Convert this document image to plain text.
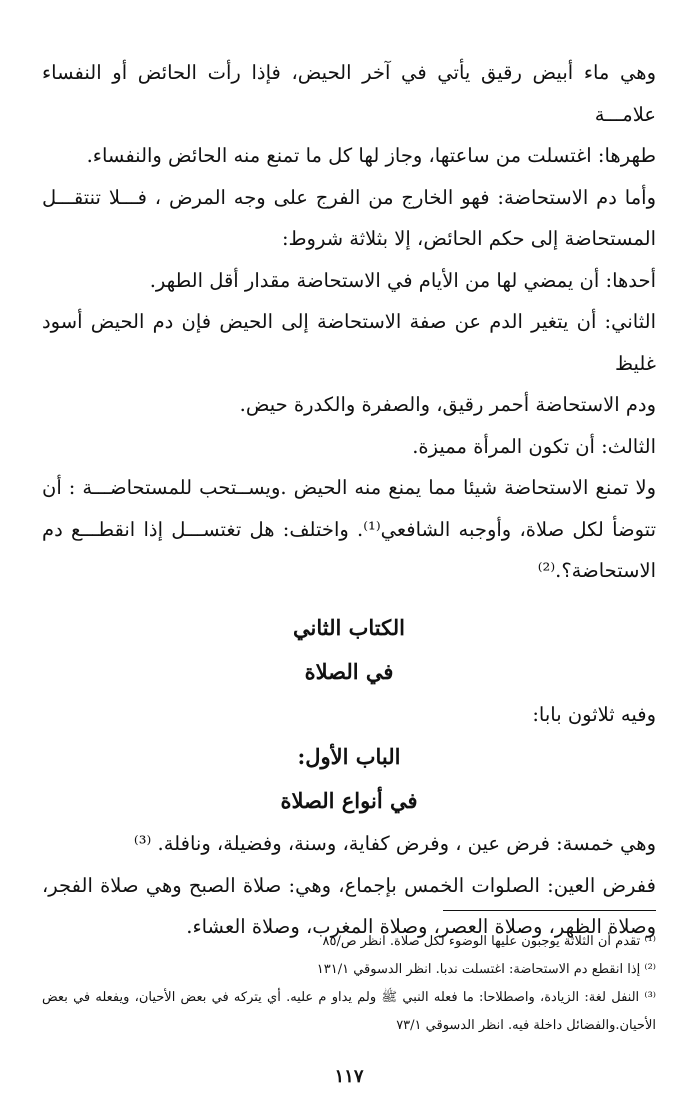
وهي ماء أبيض رقيق يأتي في آخر الحيض، فإذا رأت الحائض أو النفساء علامـــة

طهرها: اغتسلت من ساعتها، وجاز لها كل ما تمنع منه الحائض والنفساء.

وأما دم الاستحاضة: فهو الخارج من الفرج على وجه المرض ، فـــلا تنتقـــل

المستحاضة إلى حكم الحائض، إلا بثلاثة شروط:

أحدها: أن يمضي لها من الأيام في الاستحاضة مقدار أقل الطهر.

الثاني: أن يتغير الدم عن صفة الاستحاضة إلى الحيض فإن دم الحيض أسود غليظ

ودم الاستحاضة أحمر رقيق، والصفرة والكدرة حيض.

الثالث: أن تكون المرأة مميزة.

ولا تمنع الاستحاضة شيئا مما يمنع منه الحيض .ويســتحب للمستحاضـــة : أن

تتوضأ لكل صلاة، وأوجبه الشافعي⁽¹⁾. واختلف: هل تغتســـل إذا انقطـــع دم

الاستحاضة؟.⁽²⁾

الكتاب الثاني
في الصلاة

وفيه ثلاثون بابا:

الباب الأول:
في أنواع الصلاة

وهي خمسة: فرض عين ، وفرض كفاية، وسنة، وفضيلة، ونافلة. ⁽³⁾

ففرض العين: الصلوات الخمس بإجماع، وهي: صلاة الصبح وهي صلاة الفجر،

وصلاة الظهر، وصلاة العصر، وصلاة المغرب، وصلاة العشاء.

⁽¹⁾ تقدم أن الثلاثة يوجبون عليها الوضوء لكل صلاة. انظر ص/٨٥

⁽²⁾ إذا انقطع دم الاستحاضة: اغتسلت ندبا. انظر الدسوقي ١٣١/١

⁽³⁾ النفل لغة: الزيادة، واصطلاحا: ما فعله النبي ﷺ ولم يداو م عليه. أي يتركه في بعض الأحيان، ويفعله في بعض

الأحيان.والفضائل داخلة فيه. انظر الدسوقي ٧٣/١

١١٧
